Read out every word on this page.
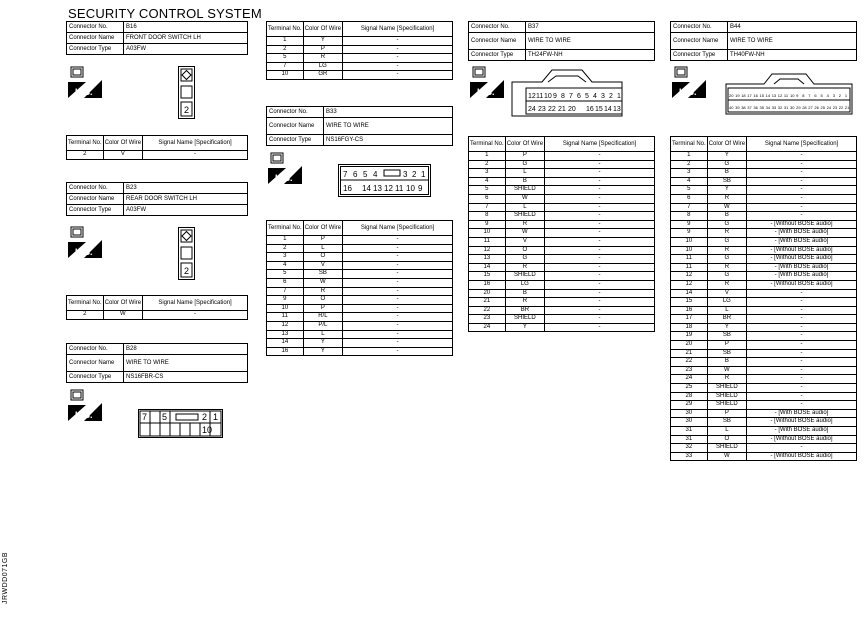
SECURITY CONTROL SYSTEM
JRWDD071GB
Connector No.	B16
Connector Name	FRONT DOOR SWITCH LH
Connector Type	A03FW
H.S.
2
Terminal No.	Color Of Wire	Signal Name [Specification]
2	V	-
Connector No.	B23
Connector Name	REAR DOOR SWITCH LH
Connector Type	A03FW
H.S.
2
Terminal No.	Color Of Wire	Signal Name [Specification]
2	W	-
Connector No.	B28
Connector Name	WIRE TO WIRE
Connector Type	NS16FBR-CS
H.S.	7 5	2 1
10
Terminal No.	Color Of Wire	Signal Name [Specification]
1	Y	-
2	P	-
5	R	-
7	LG	-
10	GR	-
Connector No.	B33
Connector Name	WIRE TO WIRE
Connector Type	NS16FGY-CS
H.S.	7 6 5 4	3 2 1
16 14 13 12 11 10 9
Terminal No.	Color Of Wire	Signal Name [Specification]
1	P	-
2	L	-
3	O	-
4	V	-
5	SB	-
6	W	-
7	R	-
9	O	-
10	P	-
11	R/L	-
12	P/L	-
13	L	-
14	Y	-
16	Y	-
Connector No.	B37
Connector Name	WIRE TO WIRE
Connector Type	TH24FW-NH
H.S.	12 11 10 9 8 7 6 5 4 3 2 1
24 23 22 21 20 16 15 14 13
Terminal No.	Color Of Wire	Signal Name [Specification]
1	P	-
2	G	-
3	L	-
4	B	-
5	SHIELD	-
6	W	-
7	L	-
8	SHIELD	-
9	R	-
10	W	-
11	V	-
12	O	-
13	G	-
14	R	-
15	SHIELD	-
16	LG	-
20	B	-
21	R	-
22	BR	-
23	SHIELD	-
24	Y	-
Connector No.	B44
Connector Name	WIRE TO WIRE
Connector Type	TH40FW-NH
H.S.	20 19 18 17 16 15 14 13 12 11 10 9 8 7 6 5 4 3 2 1
40 39 38 37 36 35 34 33 32 31 30 29 28 27 26 25 24 23 22 21
Terminal No.	Color Of Wire	Signal Name [Specification]
1	Y	-
2	G	-
3	B	-
4	SB	-
5	Y	-
6	R	-
7	W	-
8	B	-
9	G	- [Without BOSE audio]
9	R	- [With BOSE audio]
10	G	- [With BOSE audio]
10	R	- [Without BOSE audio]
11	G	- [Without BOSE audio]
11	R	- [With BOSE audio]
12	G	- [With BOSE audio]
12	R	- [Without BOSE audio]
14	V	-
15	LG	-
16	L	-
17	BR	-
18	Y	-
19	SB	-
20	P	-
21	SB	-
22	B	-
23	W	-
24	R	-
25	SHIELD	-
28	SHIELD	-
29	SHIELD	-
30	P	- [With BOSE audio]
30	SB	- [Without BOSE audio]
31	L	- [With BOSE audio]
31	O	- [Without BOSE audio]
32	SHIELD	-
33	W	- [Without BOSE audio]
